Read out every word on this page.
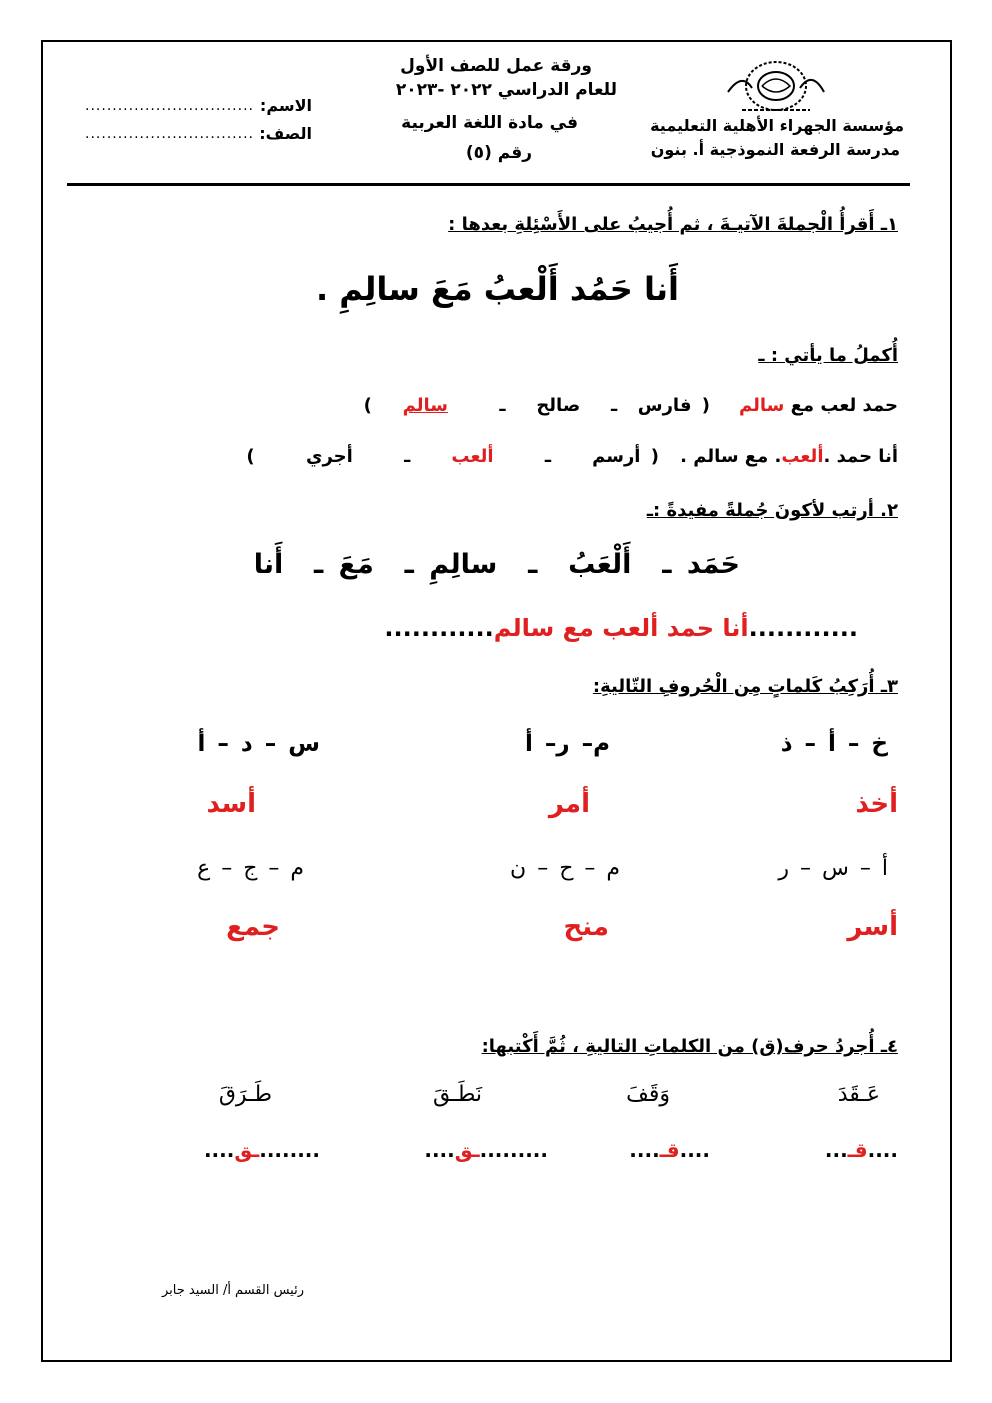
ورقة عمل للصف الأول
للعام الدراسي ٢٠٢٢ -٢٠٢٣
في مادة اللغة العربية
رقم (٥)
مؤسسة الجهراء الأهلية التعليمية
مدرسة الرفعة النموذجية أ. بنون
الاسم:
...............................
الصف:
...............................
١ـ أَقرأُ الْجملةَ الآتيـةَ ، ثم أُجيبُ على الأَسْئِلةِ بعدها :
أَنا حَمُد أَلْعبُ مَعَ سالِمِ .
أُكملُ ما يأتي : ـ
حمد لعب مع سالم
( فارس  ـ   صالح   ـ     سالم   )
أنا حمد .ألعب. مع سالم .
( أرسم    ـ     ألعب    ـ     أجري     )
٢. أرتب لأكونَ جُملةً مفيدةً :ـ
حَمَد ـ  أَلْعَبُ  ـ  سالِمِ ـ  مَعَ ـ  أَنا
............أنا حمد ألعب مع سالم............
٣ـ أُرَكِبُ كَلماتٍ مِن الْحُروفِ التّاليةِ:
خ – أ – ذ
م– ر– أ
س – د – أ
أخذ
أمر
أسد
أ – س – ر
م – ح – ن
م – ج – ع
أسر
منح
جمع
٤ـ أُجردُ حرف(ق) من الكلماتِ التاليةِ ، ثُمَّ أَكْتبها:
عَـقَدَ
وَقَفَ
نَطَـقَ
طَـرَقَ
....قـ...
....قـ....
.........ـق....
........ـق....
رئيس القسم أ/ السيد جابر
